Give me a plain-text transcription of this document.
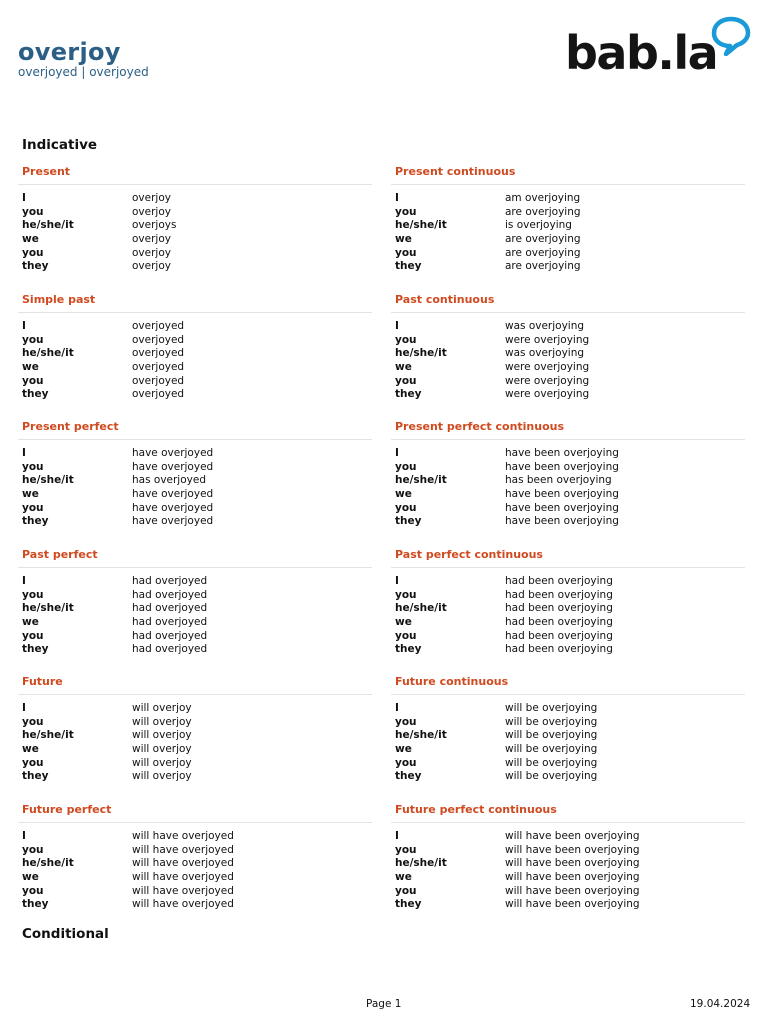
overjoy
overjoyed | overjoyed	bab.la
Indicative
Present
I	overjoy
you	overjoy
he/she/it	overjoys
we	overjoy
you	overjoy
they	overjoy
Present continuous
I	am overjoying
you	are overjoying
he/she/it	is overjoying
we	are overjoying
you	are overjoying
they	are overjoying
Simple past
I	overjoyed
you	overjoyed
he/she/it	overjoyed
we	overjoyed
you	overjoyed
they	overjoyed
Past continuous
I	was overjoying
you	were overjoying
he/she/it	was overjoying
we	were overjoying
you	were overjoying
they	were overjoying
Present perfect
I	have overjoyed
you	have overjoyed
he/she/it	has overjoyed
we	have overjoyed
you	have overjoyed
they	have overjoyed
Present perfect continuous
I	have been overjoying
you	have been overjoying
he/she/it	has been overjoying
we	have been overjoying
you	have been overjoying
they	have been overjoying
Past perfect
I	had overjoyed
you	had overjoyed
he/she/it	had overjoyed
we	had overjoyed
you	had overjoyed
they	had overjoyed
Past perfect continuous
I	had been overjoying
you	had been overjoying
he/she/it	had been overjoying
we	had been overjoying
you	had been overjoying
they	had been overjoying
Future
I	will overjoy
you	will overjoy
he/she/it	will overjoy
we	will overjoy
you	will overjoy
they	will overjoy
Future continuous
I	will be overjoying
you	will be overjoying
he/she/it	will be overjoying
we	will be overjoying
you	will be overjoying
they	will be overjoying
Future perfect
I	will have overjoyed
you	will have overjoyed
he/she/it	will have overjoyed
we	will have overjoyed
you	will have overjoyed
they	will have overjoyed
Future perfect continuous
I	will have been overjoying
you	will have been overjoying
he/she/it	will have been overjoying
we	will have been overjoying
you	will have been overjoying
they	will have been overjoying
Conditional
Page 1	19.04.2024
